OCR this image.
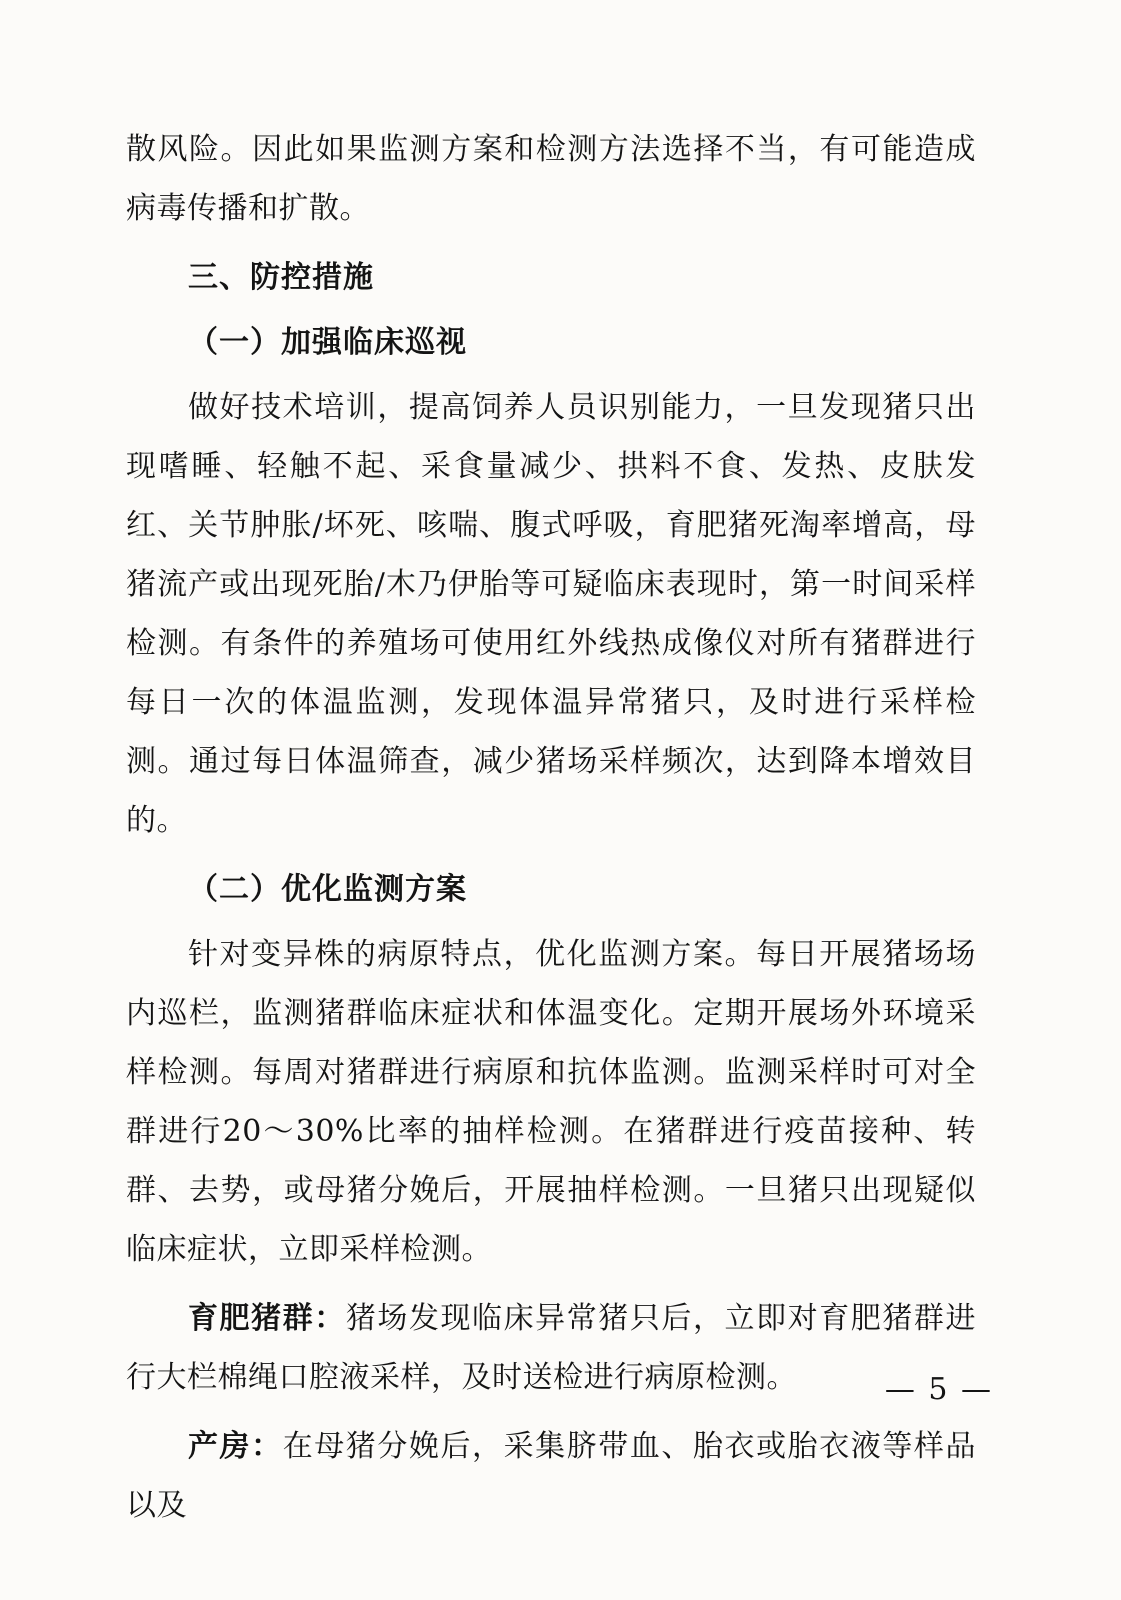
散风险。因此如果监测方案和检测方法选择不当，有可能造成病毒传播和扩散。

三、防控措施

（一）加强临床巡视

做好技术培训，提高饲养人员识别能力，一旦发现猪只出现嗜睡、轻触不起、采食量减少、拱料不食、发热、皮肤发红、关节肿胀/坏死、咳喘、腹式呼吸，育肥猪死淘率增高，母猪流产或出现死胎/木乃伊胎等可疑临床表现时，第一时间采样检测。有条件的养殖场可使用红外线热成像仪对所有猪群进行每日一次的体温监测，发现体温异常猪只，及时进行采样检测。通过每日体温筛查，减少猪场采样频次，达到降本增效目的。

（二）优化监测方案

针对变异株的病原特点，优化监测方案。每日开展猪场场内巡栏，监测猪群临床症状和体温变化。定期开展场外环境采样检测。每周对猪群进行病原和抗体监测。监测采样时可对全群进行20～30%比率的抽样检测。在猪群进行疫苗接种、转群、去势，或母猪分娩后，开展抽样检测。一旦猪只出现疑似临床症状，立即采样检测。

育肥猪群：猪场发现临床异常猪只后，立即对育肥猪群进行大栏棉绳口腔液采样，及时送检进行病原检测。

产房：在母猪分娩后，采集脐带血、胎衣或胎衣液等样品以及

— 5 —
